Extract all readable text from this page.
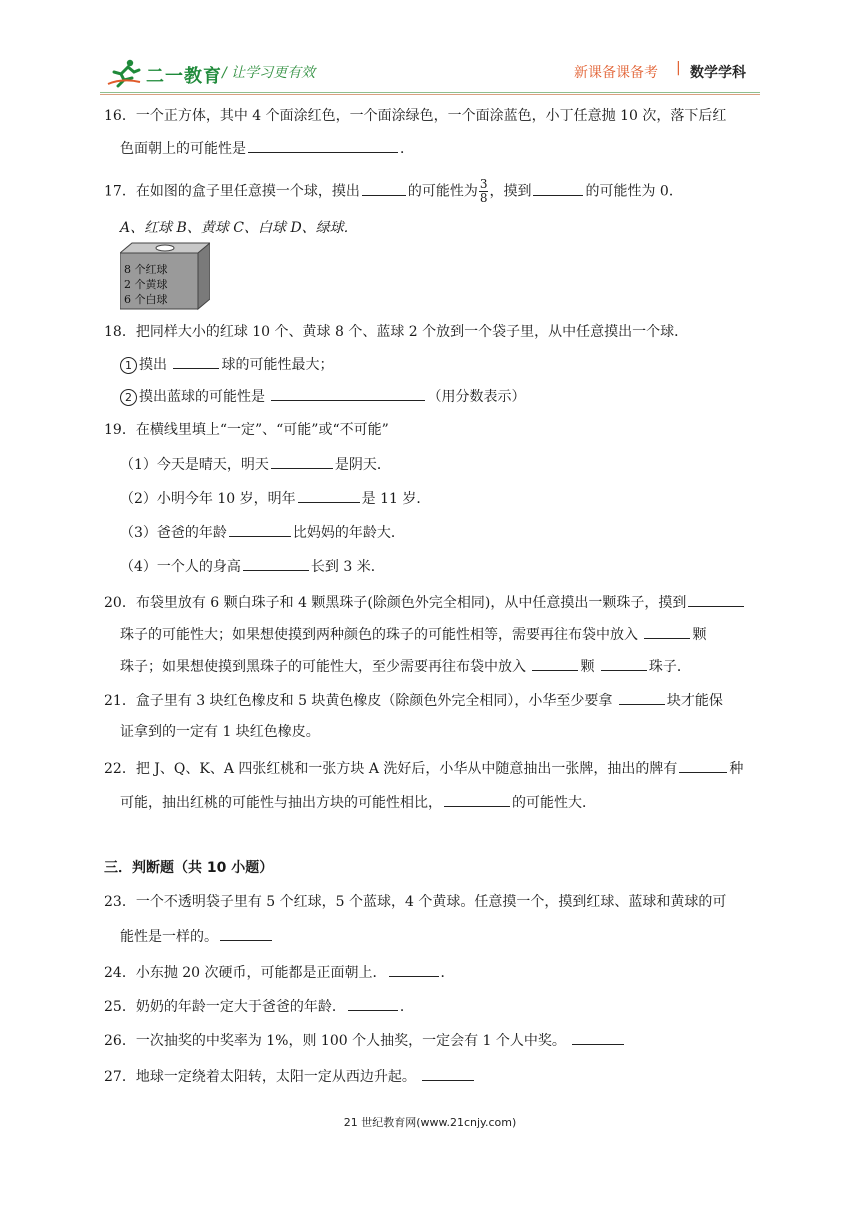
二一教育 / 让学习更有效	新课备课备考 | 数学学科
16．一个正方体，其中 4 个面涂红色，一个面涂绿色，一个面涂蓝色，小丁任意抛 10 次，落下后红
色面朝上的可能性是	．
17．在如图的盒子里任意摸一个球，摸出	的可能性为 $\frac{3}{8}$ ，摸到	的可能性为 0．
A、红球 B、黄球 C、白球 D、绿球．
8 个红球
2 个黄球
6 个白球
18．把同样大小的红球 10 个、黄球 8 个、蓝球 2 个放到一个袋子里，从中任意摸出一个球．
1 摸出	球的可能性最大；
2 摸出蓝球的可能性是	（用分数表示）
19．在横线里填上“一定”、“可能”或“不可能”
（1）今天是晴天，明天	是阴天．
（2）小明今年 10 岁，明年	是 11 岁．
（3）爸爸的年龄	比妈妈的年龄大．
（4）一个人的身高	长到 3 米．
20．布袋里放有 6 颗白珠子和 4 颗黑珠子(除颜色外完全相同)，从中任意摸出一颗珠子，摸到
珠子的可能性大；如果想使摸到两种颜色的珠子的可能性相等，需要再往布袋中放入	颗
珠子；如果想使摸到黑珠子的可能性大，至少需要再往布袋中放入	颗	珠子．
21．盒子里有 3 块红色橡皮和 5 块黄色橡皮（除颜色外完全相同），小华至少要拿	块才能保
证拿到的一定有 1 块红色橡皮。
22．把 J、Q、K、A 四张红桃和一张方块 A 洗好后，小华从中随意抽出一张牌，抽出的牌有	种
可能，抽出红桃的可能性与抽出方块的可能性相比，	的可能性大．
三．判断题（共 10 小题）
23．一个不透明袋子里有 5 个红球，5 个蓝球，4 个黄球。任意摸一个，摸到红球、蓝球和黄球的可
能性是一样的。
24．小东抛 20 次硬币，可能都是正面朝上．	．
25．奶奶的年龄一定大于爸爸的年龄．	．
26．一次抽奖的中奖率为 1%，则 100 个人抽奖，一定会有 1 个人中奖。
27．地球一定绕着太阳转，太阳一定从西边升起。
21 世纪教育网(www.21cnjy.com)
